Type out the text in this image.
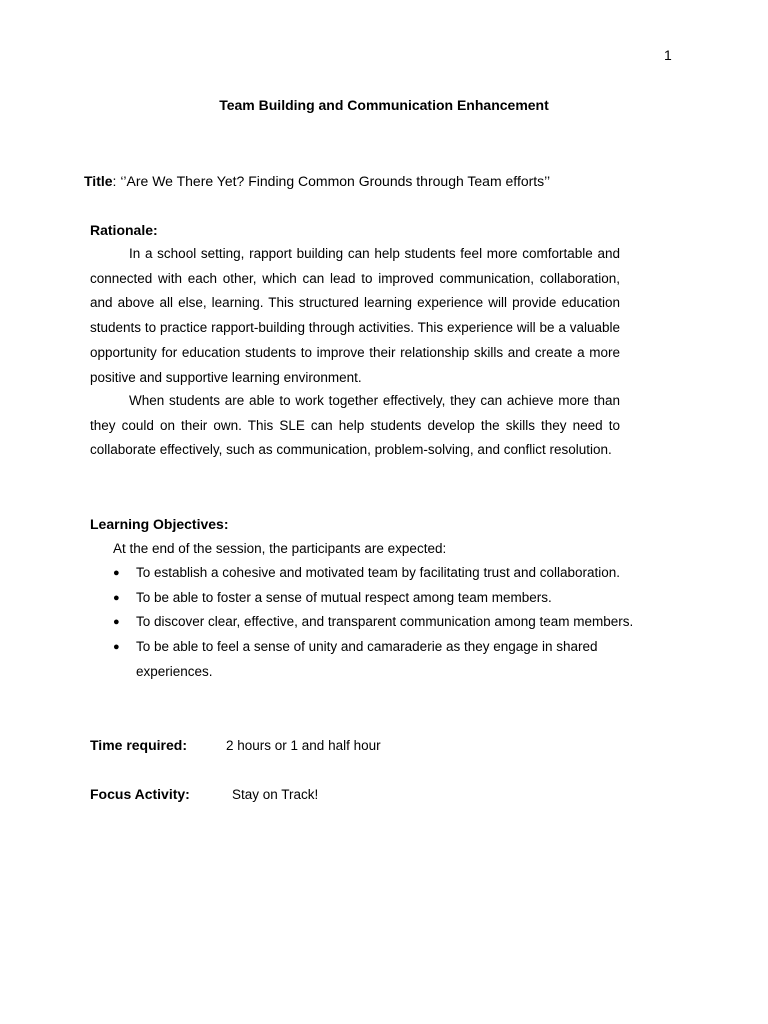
1
Team Building and Communication Enhancement
Title: ‘’Are We There Yet? Finding Common Grounds through Team efforts’’
Rationale:

In a school setting, rapport building can help students feel more comfortable and connected with each other, which can lead to improved communication, collaboration, and above all else, learning. This structured learning experience will provide education students to practice rapport-building through activities. This experience will be a valuable opportunity for education students to improve their relationship skills and create a more positive and supportive learning environment.

When students are able to work together effectively, they can achieve more than they could on their own. This SLE can help students develop the skills they need to collaborate effectively, such as communication, problem-solving, and conflict resolution.

Learning Objectives:
At the end of the session, the participants are expected:
● To establish a cohesive and motivated team by facilitating trust and collaboration.
● To be able to foster a sense of mutual respect among team members.
● To discover clear, effective, and transparent communication among team members.
● To be able to feel a sense of unity and camaraderie as they engage in shared experiences.
Time required:	2 hours or 1 and half hour
Focus Activity:	Stay on Track!
